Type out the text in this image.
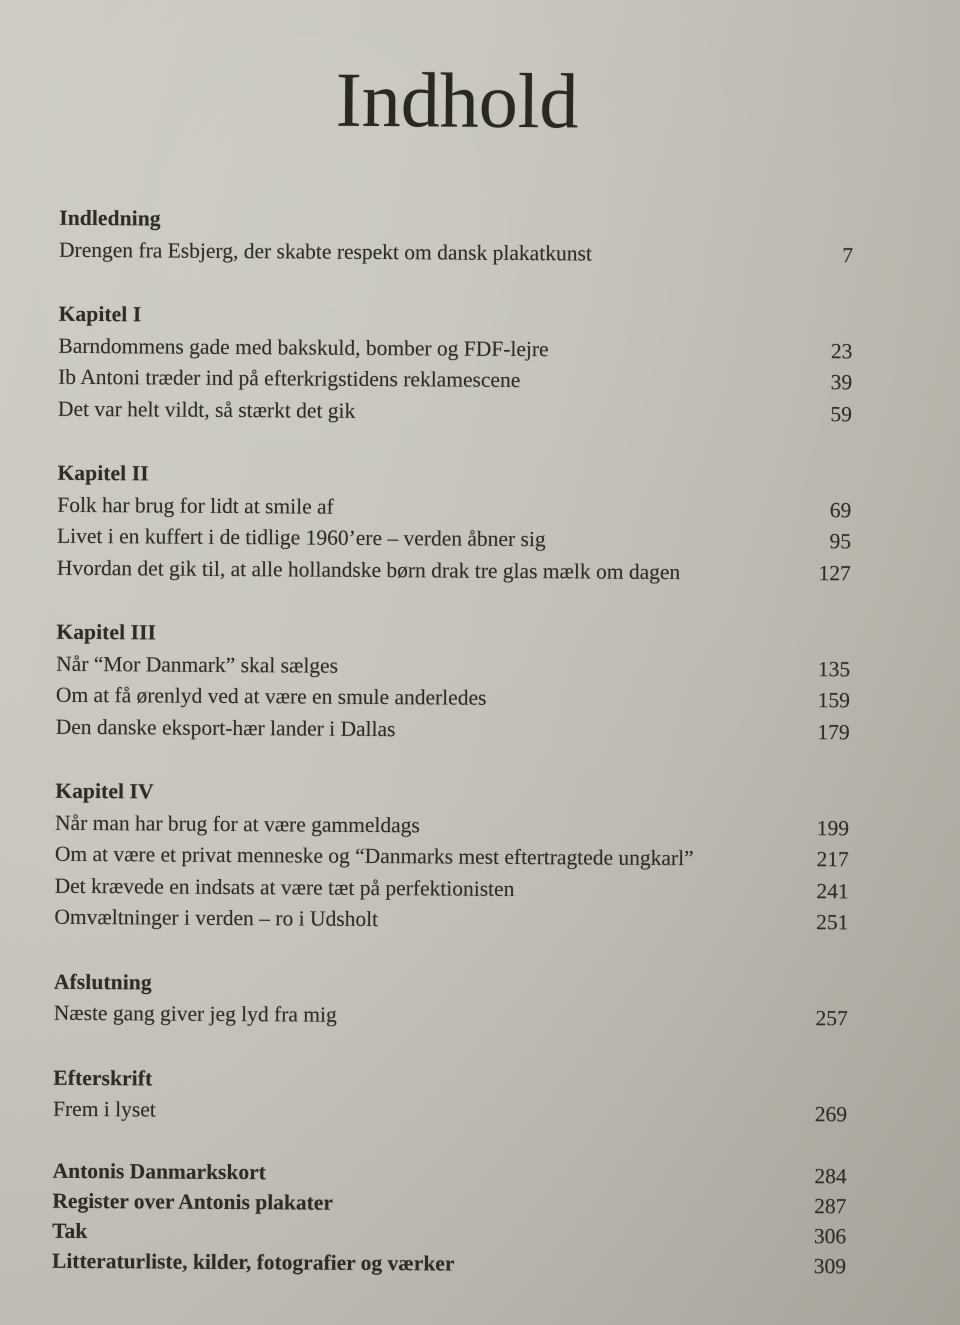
Indhold
Indledning
Drengen fra Esbjerg, der skabte respekt om dansk plakatkunst	7
Kapitel I
Barndommens gade med bakskuld, bomber og FDF-lejre	23
Ib Antoni træder ind på efterkrigstidens reklamescene	39
Det var helt vildt, så stærkt det gik	59
Kapitel II
Folk har brug for lidt at smile af	69
Livet i en kuffert i de tidlige 1960’ere – verden åbner sig	95
Hvordan det gik til, at alle hollandske børn drak tre glas mælk om dagen	127
Kapitel III
Når “Mor Danmark” skal sælges	135
Om at få ørenlyd ved at være en smule anderledes	159
Den danske eksport-hær lander i Dallas	179
Kapitel IV
Når man har brug for at være gammeldags	199
Om at være et privat menneske og “Danmarks mest eftertragtede ungkarl”	217
Det krævede en indsats at være tæt på perfektionisten	241
Omvæltninger i verden – ro i Udsholt	251
Afslutning
Næste gang giver jeg lyd fra mig	257
Efterskrift
Frem i lyset	269
Antonis Danmarkskort	284
Register over Antonis plakater	287
Tak	306
Litteraturliste, kilder, fotografier og værker	309
